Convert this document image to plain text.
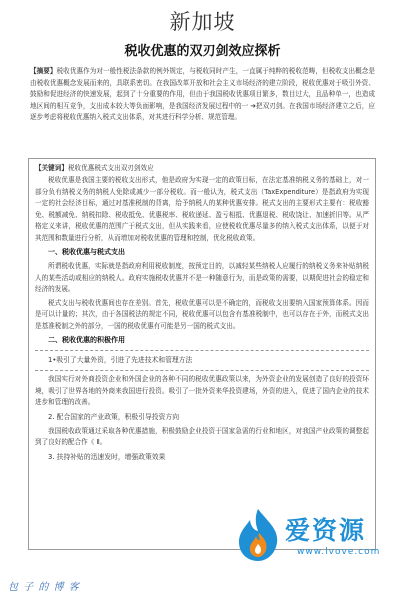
新加坡
税收优惠的双刃剑效应探析
【摘要】税收优惠作为对一般性税法条款的例外规定，与税收同时产生，一直属于纯粹的税收范畴，但税收支出概念是由税收优惠概念发展而来的，具联系密切。在我国改革开放和社会主义市场经济的建立阶段，税收优惠对于吸引外资、鼓励和促进经济的快速发展，起到了十分重要的作用，但由于我国税收优惠项目繁多，数目过大，且品种单一，也造成地区间的相互竞争，支出成本较大等负面影响，是我国经济发展过程中的一 ➔把双刃剑。在我国市场经济建立之后，应逐步考虑将税收优惠纳入税式支出体系，对其进行科学分析、规范管理。
【关键词】税收优惠税式支出双刃剑效应
税收优惠是我国主要的税收支出形式，他是政府为实现一定的政策目标，在法定基准纳税义务的基础上，对一部分负有纳税义务的纳税人免除或减少一部分税收。而一般认为，税式支出（TaxExpenditure）是指政府为实现一定的社会经济目标，通过对基准税制的背离，给予纳税人的某种优惠安排。税式支出的主要形式主要有：税收豁免、税额减免、纳税扣除、税收抵免、优惠税率、税收递延、盈亏相抵、优惠退税、税收饶让、加速折旧等。从严格定义来讲，税收优惠的范围广于税式支出，但从实践来看，应使税收优惠尽量多的纳入税式支出体系，以便于对其范围和数量进行分析，从而增加对税收优惠的管理和控制，优化税收政策。
一、税收优惠与税式支出
所谓税收优惠，实际就是指政府利用税收制度，按预定目的，以减轻某些纳税人应履行的纳税义务来补贴纳税人的某些活动或相应的纳税人。政府实施税收优惠并不是一种随意行为，而是政策的需要，以期促进社会的稳定和经济的发展。
税式支出与税收优惠间也存在差别。首先，税收优惠可以是不确定的，而税收支出要纳入国家预算体系。因而是可以计量的；其次，由于各国税法的规定不同，税收优惠可以包含有基准税制中，也可以存在于外，而税式支出是基准税制之外的部分，一国的税收优惠有可能是另一国的税式支出。
二、税收优惠的积极作用
1•吸引了大量外资，引进了先进技术和管理方法
我国实行对外商投资企业和外国企业的各种不同的税收优惠政策以来，为外资企业的发展创造了良好的投资环境，吸引了世界各地的外商来我国进行投资。吸引了一批外资来华投资建场，外资的进入，促进了国内企业的技术进步和管理的改善。
2. 配合国家的产业政策，积极引导投资方向
我国税收政策通过采取各种优惠措施，积极鼓励企业投资于国家急需的行业和地区，对我国产业政策的调整起到了良好的配合作《 Ⅱ。
3. 扶持补贴的迅速发时，增强政策效果
包 子 的 博 客
爱资源
www.lvove.com
